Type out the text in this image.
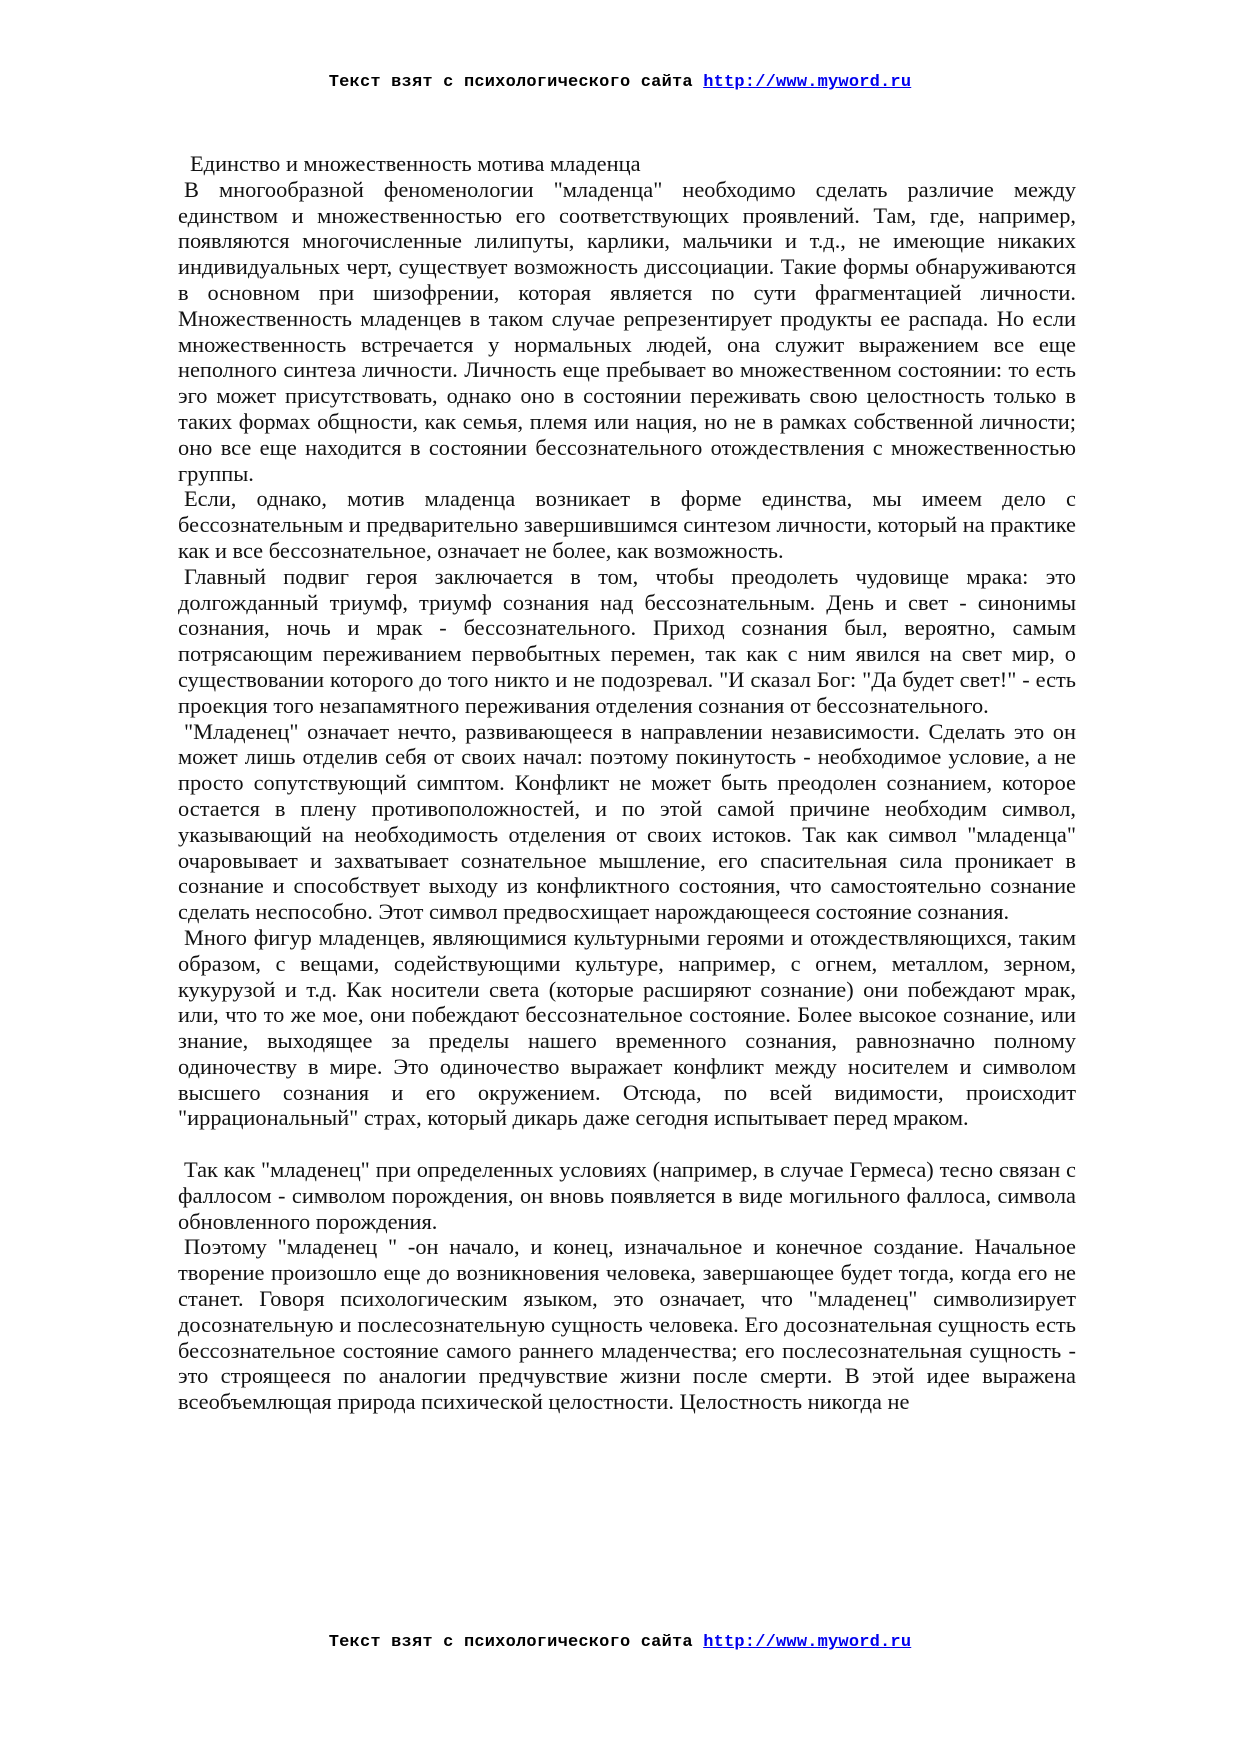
Текст взят с психологического сайта http://www.myword.ru

Единство и множественность мотива младенца

В многообразной феноменологии "младенца" необходимо сделать различие между единством и множественностью его соответствующих проявлений. Там, где, например, появляются многочисленные лилипуты, карлики, мальчики и т.д., не имеющие никаких индивидуальных черт, существует возможность диссоциации. Такие формы обнаруживаются в основном при шизофрении, которая является по сути фрагментацией личности. Множественность младенцев в таком случае репрезентирует продукты ее распада. Но если множественность встречается у нормальных людей, она служит выражением все еще неполного синтеза личности. Личность еще пребывает во множественном состоянии: то есть эго может присутствовать, однако оно в состоянии переживать свою целостность только в таких формах общности, как семья, племя или нация, но не в рамках собственной личности; оно все еще находится в состоянии бессознательного отождествления с множественностью группы.

Если, однако, мотив младенца возникает в форме единства, мы имеем дело с бессознательным и предварительно завершившимся синтезом личности, который на практике как и все бессознательное, означает не более, как возможность.

Главный подвиг героя заключается в том, чтобы преодолеть чудовище мрака: это долгожданный триумф, триумф сознания над бессознательным. День и свет - синонимы сознания, ночь и мрак - бессознательного. Приход сознания был, вероятно, самым потрясающим переживанием первобытных перемен, так как с ним явился на свет мир, о существовании которого до того никто и не подозревал. "И сказал Бог: "Да будет свет!" - есть проекция того незапамятного переживания отделения сознания от бессознательного.

"Младенец" означает нечто, развивающееся в направлении независимости. Сделать это он может лишь отделив себя от своих начал: поэтому покинутость - необходимое условие, а не просто сопутствующий симптом. Конфликт не может быть преодолен сознанием, которое остается в плену противоположностей, и по этой самой причине необходим символ, указывающий на необходимость отделения от своих истоков. Так как символ "младенца" очаровывает и захватывает сознательное мышление, его спасительная сила проникает в сознание и способствует выходу из конфликтного состояния, что самостоятельно сознание сделать неспособно. Этот символ предвосхищает нарождающееся состояние сознания.

Много фигур младенцев, являющимися культурными героями и отождествляющихся, таким образом, с вещами, содействующими культуре, например, с огнем, металлом, зерном, кукурузой и т.д. Как носители света (которые расширяют сознание) они побеждают мрак, или, что то же мое, они побеждают бессознательное состояние. Более высокое сознание, или знание, выходящее за пределы нашего временного сознания, равнозначно полному одиночеству в мире. Это одиночество выражает конфликт между носителем и символом высшего сознания и его окружением. Отсюда, по всей видимости, происходит "иррациональный" страх, который дикарь даже сегодня испытывает перед мраком.

Так как "младенец" при определенных условиях (например, в случае Гермеса) тесно связан с фаллосом - символом порождения, он вновь появляется в виде могильного фаллоса, символа обновленного порождения.

Поэтому "младенец " -он начало, и конец, изначальное и конечное создание. Начальное творение произошло еще до возникновения человека, завершающее будет тогда, когда его не станет. Говоря психологическим языком, это означает, что "младенец" символизирует досознательную и послесознательную сущность человека. Его досознательная сущность есть бессознательное состояние самого раннего младенчества; его послесознательная сущность - это строящееся по аналогии предчувствие жизни после смерти. В этой идее выражена всеобъемлющая природа психической целостности. Целостность никогда не

Текст взят с психологического сайта http://www.myword.ru
